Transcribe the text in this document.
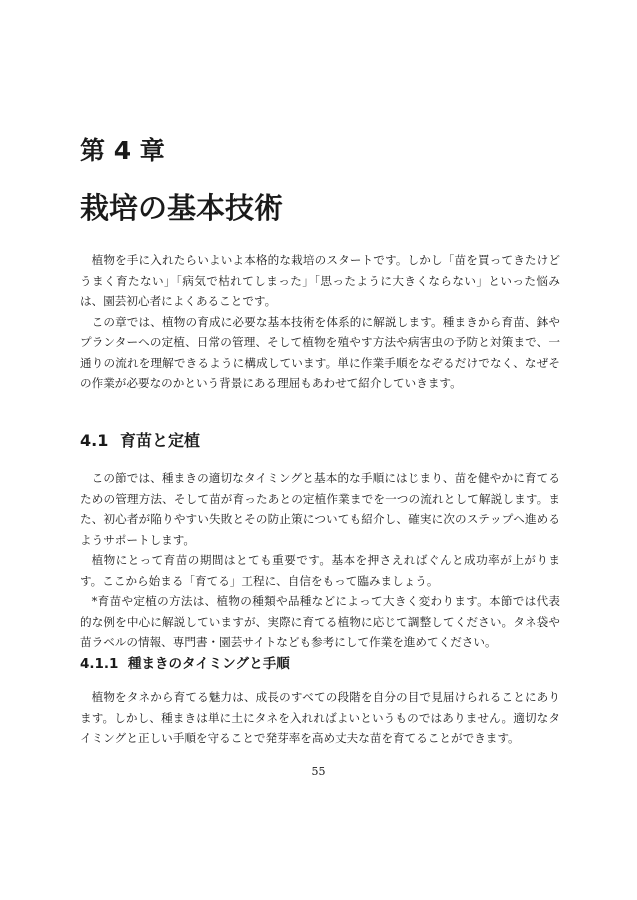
第 4 章
栽培の基本技術

植物を手に入れたらいよいよ本格的な栽培のスタートです。しかし「苗を買ってきたけどうまく育たない」「病気で枯れてしまった」「思ったように大きくならない」といった悩みは、園芸初心者によくあることです。

この章では、植物の育成に必要な基本技術を体系的に解説します。種まきから育苗、鉢やプランターへの定植、日常の管理、そして植物を殖やす方法や病害虫の予防と対策まで、一通りの流れを理解できるように構成しています。単に作業手順をなぞるだけでなく、なぜその作業が必要なのかという背景にある理屈もあわせて紹介していきます。

4.1 育苗と定植

この節では、種まきの適切なタイミングと基本的な手順にはじまり、苗を健やかに育てるための管理方法、そして苗が育ったあとの定植作業までを一つの流れとして解説します。また、初心者が陥りやすい失敗とその防止策についても紹介し、確実に次のステップへ進めるようサポートします。

植物にとって育苗の期間はとても重要です。基本を押さえればぐんと成功率が上がります。ここから始まる「育てる」工程に、自信をもって臨みましょう。

*育苗や定植の方法は、植物の種類や品種などによって大きく変わります。本節では代表的な例を中心に解説していますが、実際に育てる植物に応じて調整してください。タネ袋や苗ラベルの情報、専門書・園芸サイトなども参考にして作業を進めてください。

4.1.1 種まきのタイミングと手順

植物をタネから育てる魅力は、成長のすべての段階を自分の目で見届けられることにあります。しかし、種まきは単に土にタネを入れればよいというものではありません。適切なタイミングと正しい手順を守ることで発芽率を高め丈夫な苗を育てることができます。

55
